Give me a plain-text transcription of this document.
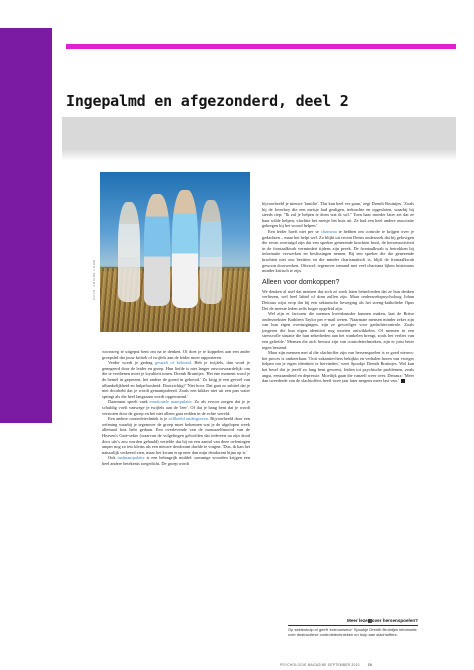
Ingepalmd en afgezonderd, deel 2
FOTO: ARIANE LOWE

woonweg te uitgeput bent om na te denken. Of doet je te koppelen aan een ander groepslid dat jouw kritiek of twijfels aan de leider moet rapporteren.

Verder wordt je gedrag gestraft of beloond. Heb je twijfels, dan word je genegeerd door de leider en groep. Hun liefde is niet langer onvoorwaardelijk: om die te verdienen moet je loyaliteit tonen. Drenth Bruintjes: 'Het ene moment word je de hemel in geprezen, het andere de grond in geboord.' Zo krijg je een gevoel van afhankelijkheid en hulpeloosheid. Doorzichtig? 'Niet hoor. Dat gaat zo subtiel dat je niet doorhebt dat je wordt gemanipuleerd. Zoals een kikker niet uit een pan water springt als die heel langzaam wordt opgewarmd.'

Daarnaast speelt vaak emotionele manipulatie. Zo als ervoor zorgen dat je je schuldig voelt vanwege je twijfels aan de 'leer'. Of dat je bang bent dat je wordt verstoten door de groep en het niet alleen gaat redden in de echte wereld.

Een andere controletechniek is je zelfbeeld ondergraven. Bijvoorbeeld door een oefening waarbij je tegenover de groep moet bekennen wat je de afgelopen week allemaal fout hebt gedaan. Een overlevende van de massazelfmoord van de Heaven's Gate-sekte (waarvan de volgelingen geloofden dat iedereen na zijn dood door ufo's zou worden gehaald) vertelde dat hij na een aantal van deze oefeningen amper nog zo iets kleins als een nieuwe deodorant durfde te vragen: 'Dus, ik kan het natuurlijk verkeerd zien, maar het kwam erop neer dan mijn deodorant bijna op is.'

Ook taalmanipulatie is een belangrijk middel: sommige woorden krijgen een heel andere betekenis toegedicht. De groep wordt

bijvoorbeeld je nieuwe 'familie'. 'Dat kan heel ver gaan,' zegt Drenth Bruintjes. 'Zoals bij de loverboy die een meisje had gealigen, terkrachte en opgesloten, waarbij hij steeds riep: "Ik zal je helpen te doen wat ik wil." Toen haar moeder later zei dat ze haar wilde helpen, vluchtte het meisje het huis uit. Ze had een heel andere associatie gekregen bij het woord helpen.'

Een leider hoeft niet per se charisma te hebben om controle te krijgen over je gedachten – maar het helpt wel. Zo blijkt uit recent Deens onderzoek dat bij gelovigen die ervan overtuigd zijn dat een spreker genezende krachten bezit, de hersenactiviteit in de frontaalkwab vermindert tijdens zijn preek. De frontaalkwab is betrokken bij informatie verwerken en beslissingen nemen. Bij een spreker die die genezende krachten niet zou bezitten en die minder charismatisch is, blijft de frontaalkwab gewoon doorwerken. Oftewel: tegenover iemand met veel charisma lijken luisteraars minder kritisch te zijn.

Alleen voor domkoppen?

We denken al snel dat mensen dat zich zó sterk laten beïnvloeden dat ze hun denken verliezen, wel heel labiel of dom zullen zijn. Maar onderzoekspsycholoog Johan Detraux wijst erop dat bij een sektarische beweging als het streng-katholieke Opus Dei de meeste leden zelfs hoger opgeleid zijn.

Wel zijn er factoren die mensen kwetsbaarder kunnen maken, laat de Britse onderzoekster Kathleen Taylor per e-mail weten. 'Naarmate mensen minder zeker zijn van hun eigen overtuigingen, zijn ze gevoeliger voor gedachtecontrole. Zoals jongeren die hun eigen identiteit nog moeten ontwikkelen. Of mensen in een stressvolle situatie die hun zekerheden aan het wankelen brengt, zoals het verlies van een geliefde.' Mensen die zich bewust zijn van controletechnieken, zijn er juist beter tegen bestand.

Maar zijn mensen met al die slachtoffer zijn van hersenspoelen is er goed nieuws: het proces is omkeerbaar. 'Ooit vakantievliers bekijkin en verhalen horen van vroeger helpen om je eigen identiteit te hervinden,' weet Spookje Drenth Bruintjes. Wel kan het hesel dat je jezelf zo lang bent geweest, leiden tot psychische problemen, zoals angst, eenzaamheid en depressie. Moeilijk gaan die vanzelf weer over. Detraux: 'Meer dan tweederde van de slachtoffers heeft twee jaar later nergens meer last van.'

Meer lezen over hersenspoelen?
Op sekteshulp.nl geeft ‘extrounselor’ Spookje Drenth Bruintjes informatie over destructieve controletechnieken en hulp aan slachtoffers.
PSYCHOLOGIE MAGAZINE SEPTEMBER 2010	29
